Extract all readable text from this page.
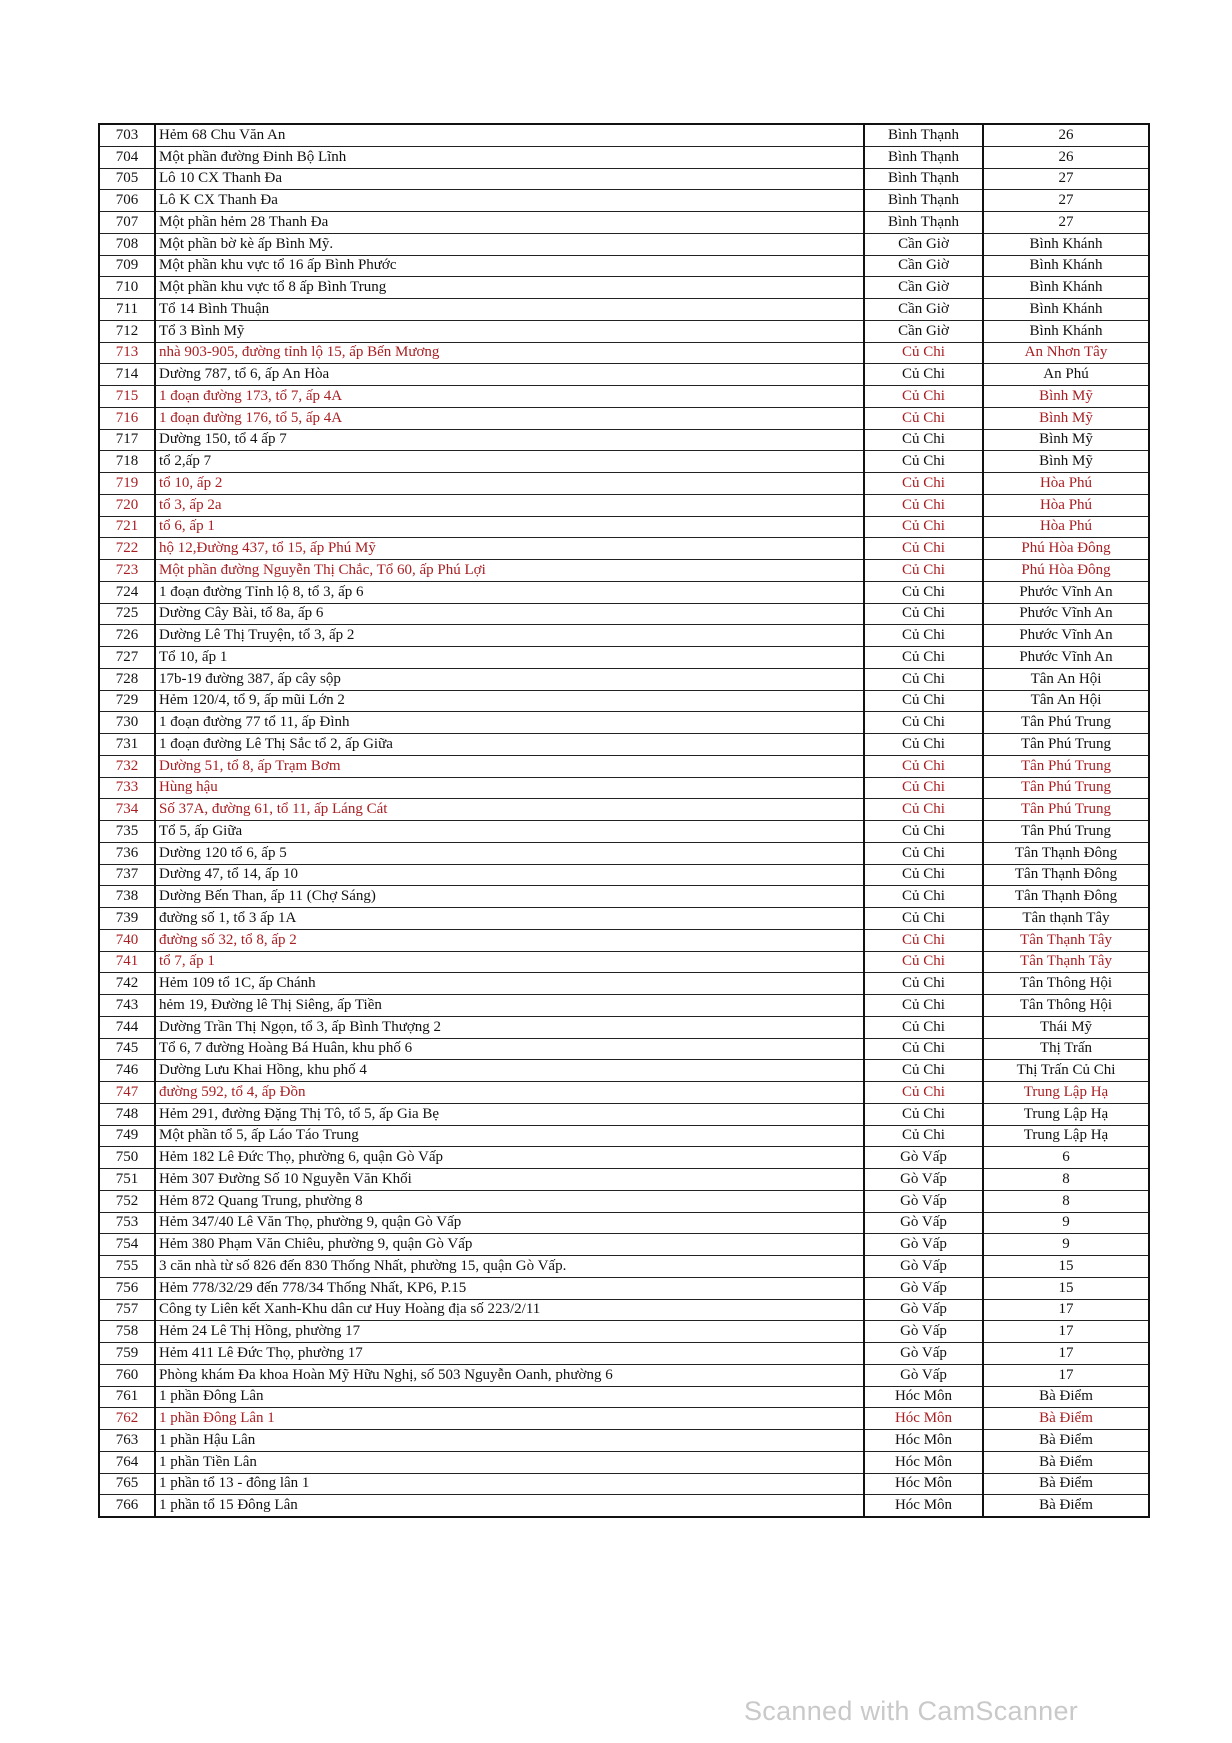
703	Hẻm 68 Chu Văn An	Bình Thạnh	26
704	Một phần đường Đinh Bộ Lĩnh	Bình Thạnh	26
705	Lô 10 CX Thanh Đa	Bình Thạnh	27
706	Lô K CX Thanh Đa	Bình Thạnh	27
707	Một phần hẻm 28 Thanh Đa	Bình Thạnh	27
708	Một phần bờ kè ấp Bình Mỹ.	Cần Giờ	Bình Khánh
709	Một phần khu vực tổ 16 ấp Bình Phước	Cần Giờ	Bình Khánh
710	Một phần khu vực tổ 8 ấp Bình Trung	Cần Giờ	Bình Khánh
711	Tổ 14 Bình Thuận	Cần Giờ	Bình Khánh
712	Tổ 3 Bình Mỹ	Cần Giờ	Bình Khánh
713	nhà 903-905, đường tỉnh lộ 15, ấp Bến Mương	Củ Chi	An Nhơn Tây
714	Dường 787, tổ 6, ấp An Hòa	Củ Chi	An Phú
715	1 đoạn đường 173, tổ 7, ấp 4A	Củ Chi	Bình Mỹ
716	1 đoạn đường 176, tổ 5, ấp 4A	Củ Chi	Bình Mỹ
717	Dường 150, tổ 4 ấp 7	Củ Chi	Bình Mỹ
718	tổ 2,ấp 7	Củ Chi	Bình Mỹ
719	tổ 10, ấp 2	Củ Chi	Hòa Phú
720	tổ 3, ấp 2a	Củ Chi	Hòa Phú
721	tổ 6, ấp 1	Củ Chi	Hòa Phú
722	hộ 12,Đường 437, tổ 15, ấp Phú Mỹ	Củ Chi	Phú Hòa Đông
723	Một phần đường Nguyễn Thị Chắc, Tổ 60, ấp Phú Lợi	Củ Chi	Phú Hòa Đông
724	1 đoạn đường Tỉnh lộ 8, tổ 3, ấp 6	Củ Chi	Phước Vĩnh An
725	Dường Cây Bài, tổ 8a, ấp 6	Củ Chi	Phước Vĩnh An
726	Dường Lê Thị Truyện, tổ 3, ấp 2	Củ Chi	Phước Vĩnh An
727	Tổ 10, ấp 1	Củ Chi	Phước Vĩnh An
728	17b-19 đường 387, ấp cây sộp	Củ Chi	Tân An Hội
729	Hẻm 120/4, tổ 9, ấp mũi Lớn 2	Củ Chi	Tân An Hội
730	1 đoạn đường 77 tổ 11, ấp Đình	Củ Chi	Tân Phú Trung
731	1 đoạn đường Lê Thị Sắc tổ 2, ấp Giữa	Củ Chi	Tân Phú Trung
732	Dường 51, tổ 8, ấp Trạm Bơm	Củ Chi	Tân Phú Trung
733	Hùng hậu	Củ Chi	Tân Phú Trung
734	Số 37A, đường 61, tổ 11, ấp Láng Cát	Củ Chi	Tân Phú Trung
735	Tổ 5, ấp Giữa	Củ Chi	Tân Phú Trung
736	Dường 120 tổ 6, ấp 5	Củ Chi	Tân Thạnh Đông
737	Dường 47, tổ 14, ấp 10	Củ Chi	Tân Thạnh Đông
738	Dường Bến Than, ấp 11 (Chợ Sáng)	Củ Chi	Tân Thạnh Đông
739	đường số 1, tổ 3 ấp 1A	Củ Chi	Tân thạnh Tây
740	đường số 32, tổ 8, ấp 2	Củ Chi	Tân Thạnh Tây
741	tổ 7, ấp 1	Củ Chi	Tân Thạnh Tây
742	Hẻm 109 tổ 1C, ấp Chánh	Củ Chi	Tân Thông Hội
743	hẻm 19, Đường lê Thị Siêng, ấp Tiền	Củ Chi	Tân Thông Hội
744	Dường Trần Thị Ngọn, tổ 3, ấp Bình Thượng 2	Củ Chi	Thái Mỹ
745	Tổ 6, 7 đường Hoàng Bá Huân, khu phố 6	Củ Chi	Thị Trấn
746	Dường Lưu Khai Hồng, khu phố 4	Củ Chi	Thị Trấn Củ Chi
747	đường 592, tổ 4, ấp Đồn	Củ Chi	Trung Lập Hạ
748	Hẻm 291, đường Đặng Thị Tô, tổ 5, ấp Gia Bẹ	Củ Chi	Trung Lập Hạ
749	Một phần tổ 5, ấp Láo Táo Trung	Củ Chi	Trung Lập Hạ
750	Hẻm 182 Lê Đức Thọ, phường 6, quận Gò Vấp	Gò Vấp	6
751	Hẻm 307 Đường Số 10 Nguyễn Văn Khối	Gò Vấp	8
752	Hẻm 872 Quang Trung, phường 8	Gò Vấp	8
753	Hẻm 347/40 Lê Văn Thọ, phường 9, quận Gò Vấp	Gò Vấp	9
754	Hẻm 380 Phạm Văn Chiêu, phường 9, quận Gò Vấp	Gò Vấp	9
755	3 căn nhà từ số 826 đến 830 Thống Nhất, phường 15, quận Gò Vấp.	Gò Vấp	15
756	Hẻm 778/32/29 đến 778/34 Thống Nhất, KP6, P.15	Gò Vấp	15
757	Công ty Liên kết Xanh-Khu dân cư Huy Hoàng địa số 223/2/11	Gò Vấp	17
758	Hẻm 24 Lê Thị Hồng, phường 17	Gò Vấp	17
759	Hẻm 411 Lê Đức Thọ, phường 17	Gò Vấp	17
760	Phòng khám Đa khoa Hoàn Mỹ Hữu Nghị, số 503 Nguyễn Oanh, phường 6	Gò Vấp	17
761	1 phần Đông Lân	Hóc Môn	Bà Điểm
762	1 phần Đông Lân 1	Hóc Môn	Bà Điểm
763	1 phần Hậu Lân	Hóc Môn	Bà Điểm
764	1 phần Tiền Lân	Hóc Môn	Bà Điểm
765	1 phần tổ 13 - đông lân 1	Hóc Môn	Bà Điểm
766	1 phần tổ 15 Đông Lân	Hóc Môn	Bà Điểm
Scanned with CamScanner
